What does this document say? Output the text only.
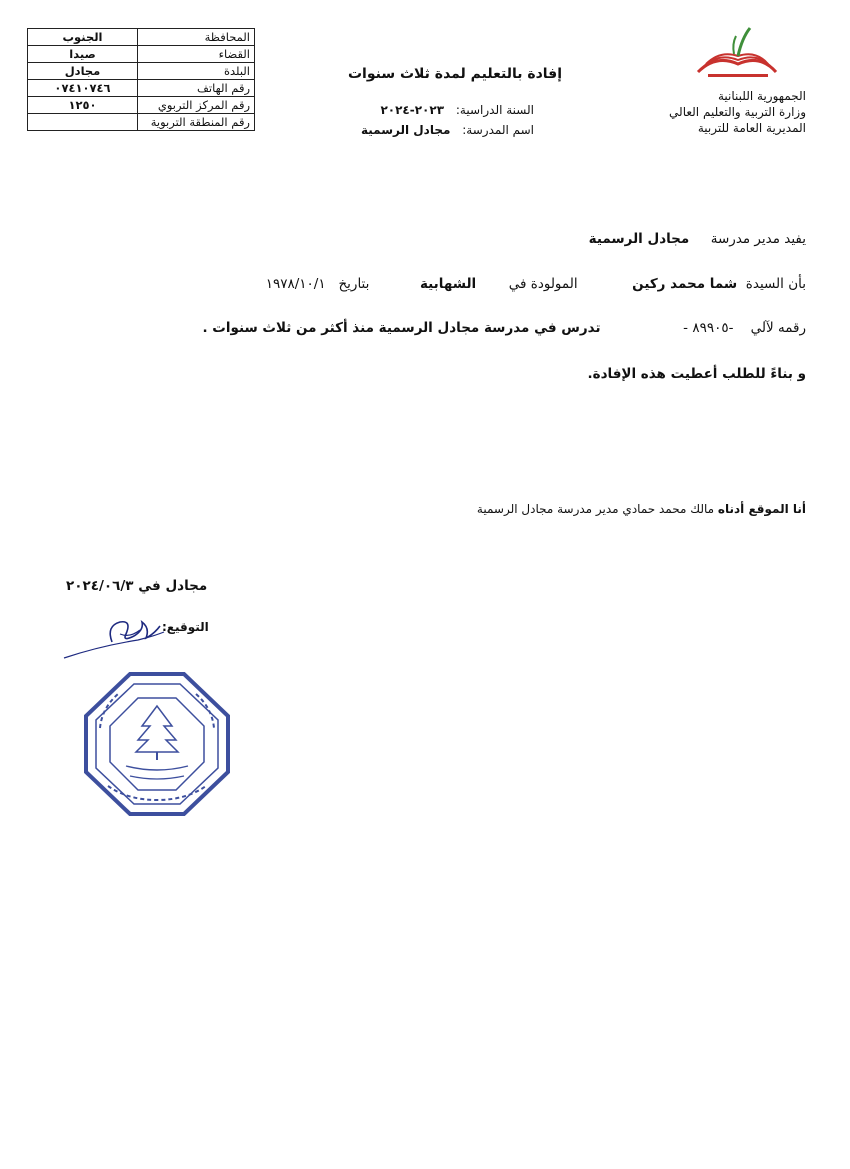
الجنوب	المحافظة
صيدا	القضاء
مجادل	البلدة
٠٧٤١٠٧٤٦	رقم الهاتف
١٢٥٠	رقم المركز التربوي
	رقم المنطقة التربوية
الجمهورية اللبنانية
وزارة التربية والتعليم العالي
المديرية العامة للتربية
إفادة بالتعليم لمدة ثلاث سنوات
السنة الدراسية: ٢٠٢٣-٢٠٢٤
اسم المدرسة: مجادل الرسمية
يفيد مدير مدرسة     مجادل الرسمية
بأن السيدة  شما محمد ركين  المولودة في  الشهابية  بتاريخ   ١٩٧٨/١٠/١
رقمه لآلي    -٨٩٩٠٥ -  تدرس في مدرسة مجادل الرسمية منذ أكثر من ثلاث سنوات .
و بناءً للطلب أعطيت هذه الإفادة.
أنا الموقع أدناه مالك محمد حمادي مدير مدرسة مجادل الرسمية
مجادل في ٢٠٢٤/٠٦/٣
التوقيع:
